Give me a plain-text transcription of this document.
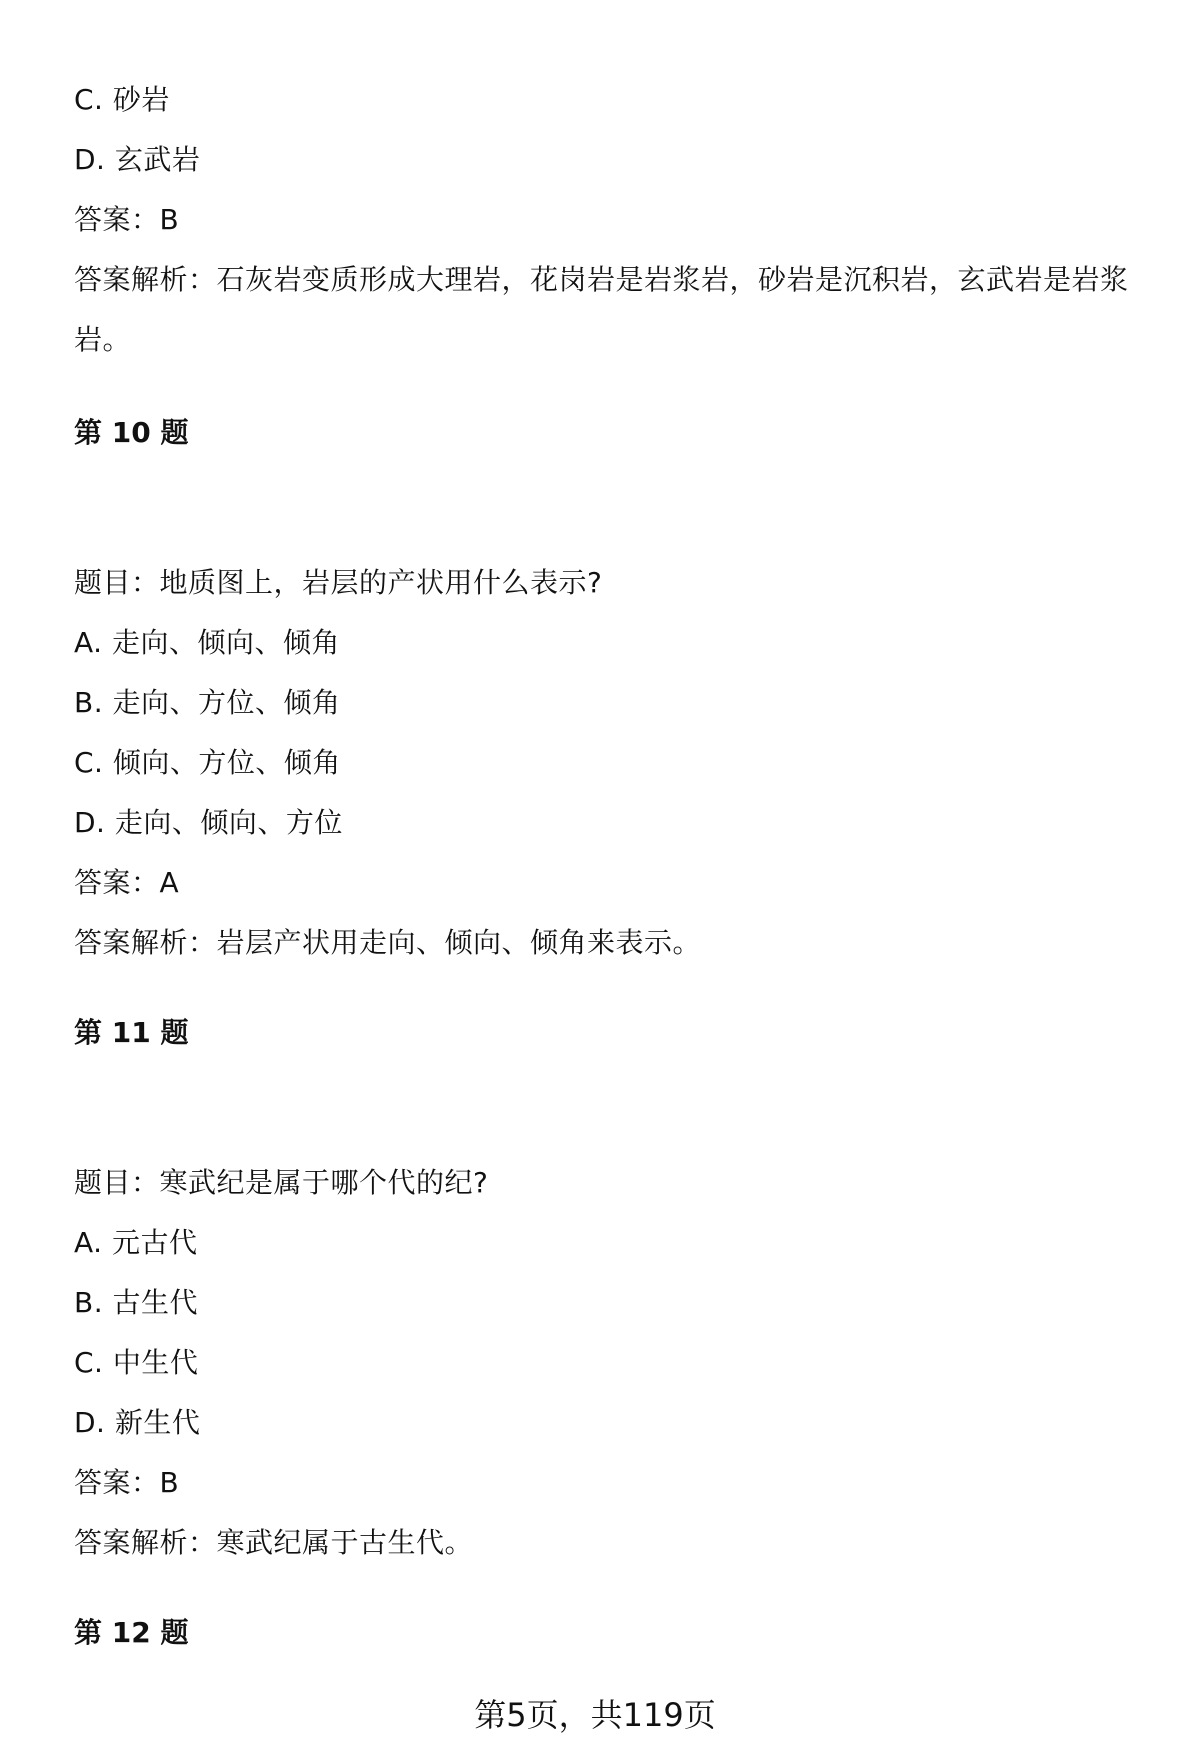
C. 砂岩
D. 玄武岩
答案：B
答案解析：石灰岩变质形成大理岩，花岗岩是岩浆岩，砂岩是沉积岩，玄武岩是岩浆岩。
第 10 题
题目：地质图上，岩层的产状用什么表示?
A. 走向、倾向、倾角
B. 走向、方位、倾角
C. 倾向、方位、倾角
D. 走向、倾向、方位
答案：A
答案解析：岩层产状用走向、倾向、倾角来表示。
第 11 题
题目：寒武纪是属于哪个代的纪?
A. 元古代
B. 古生代
C. 中生代
D. 新生代
答案：B
答案解析：寒武纪属于古生代。
第 12 题
第5页，共119页
